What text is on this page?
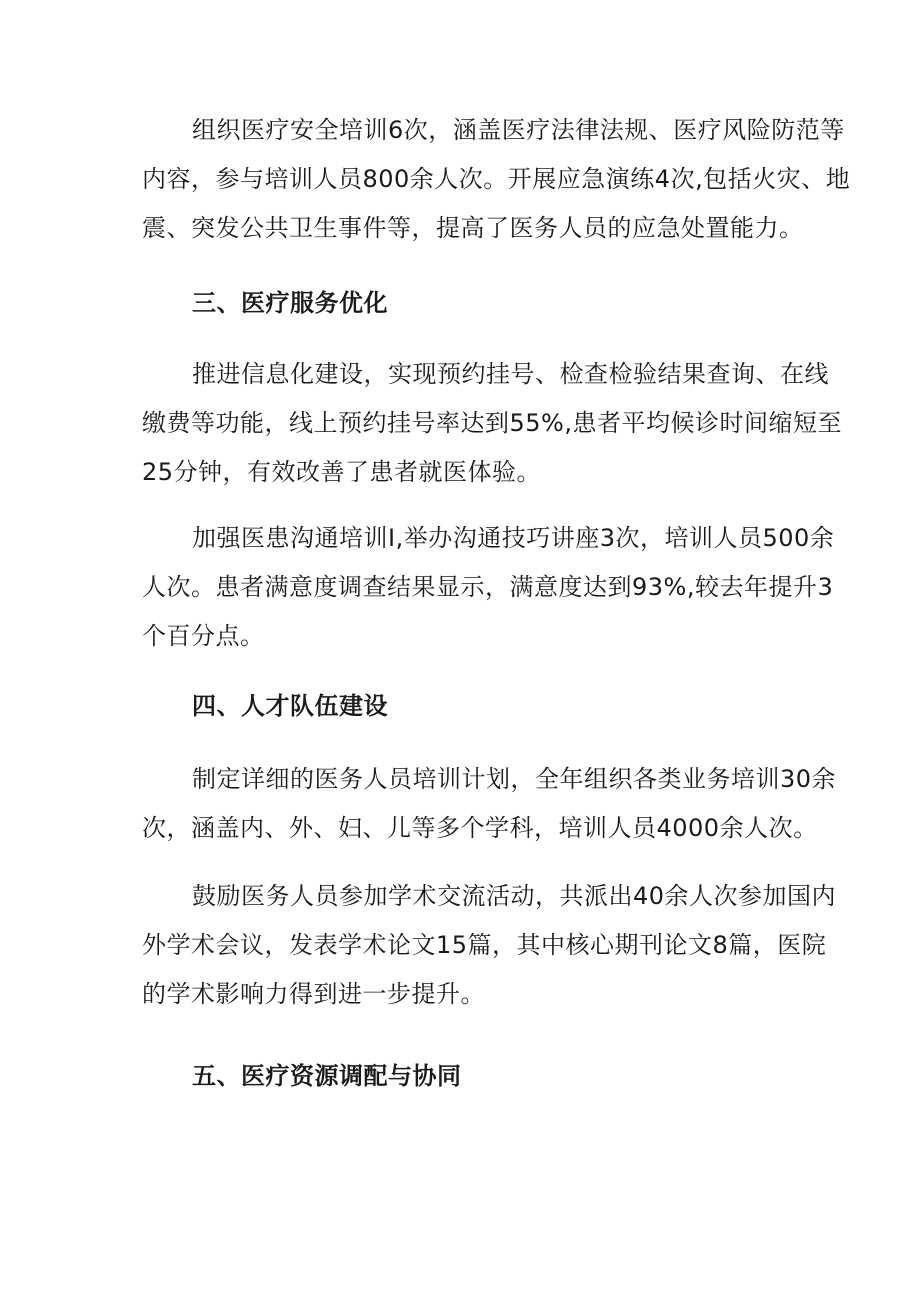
组织医疗安全培训6次，涵盖医疗法律法规、医疗风险防范等
内容，参与培训人员800余人次。开展应急演练4次,包括火灾、地
震、突发公共卫生事件等，提高了医务人员的应急处置能力。

三、医疗服务优化

推进信息化建设，实现预约挂号、检查检验结果查询、在线
缴费等功能，线上预约挂号率达到55%,患者平均候诊时间缩短至
25分钟，有效改善了患者就医体验。

加强医患沟通培训I,举办沟通技巧讲座3次，培训人员500余
人次。患者满意度调查结果显示，满意度达到93%,较去年提升3
个百分点。

四、人才队伍建设

制定详细的医务人员培训计划，全年组织各类业务培训30余
次，涵盖内、外、妇、儿等多个学科，培训人员4000余人次。

鼓励医务人员参加学术交流活动，共派出40余人次参加国内
外学术会议，发表学术论文15篇，其中核心期刊论文8篇，医院
的学术影响力得到进一步提升。

五、医疗资源调配与协同
